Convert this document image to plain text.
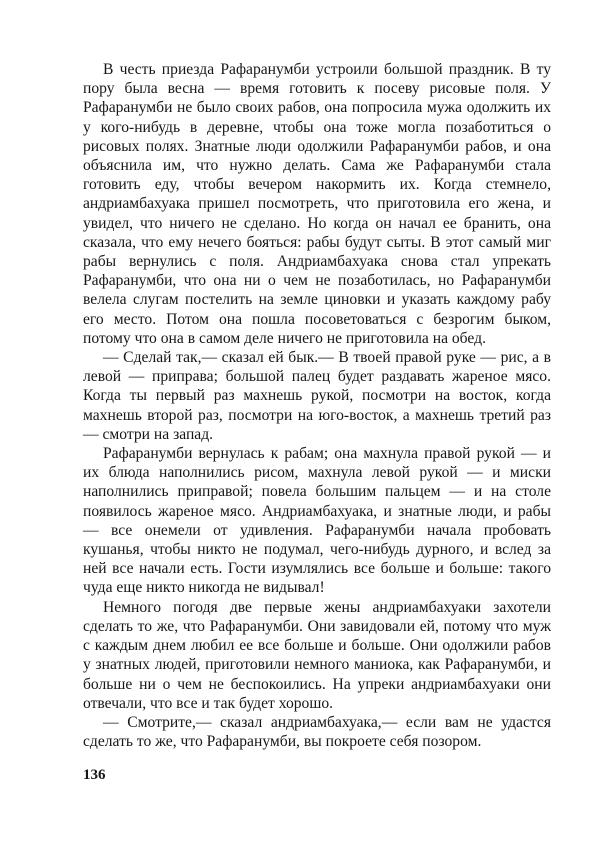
В честь приезда Рафаранумби устроили большой праздник. В ту пору была весна — время готовить к посеву рисовые поля. У Рафаранумби не было своих рабов, она попросила мужа одолжить их у кого-нибудь в деревне, чтобы она тоже могла позаботиться о рисовых полях. Знатные люди одолжили Рафаранумби рабов, и она объяснила им, что нужно делать. Сама же Рафаранумби стала готовить еду, чтобы вечером накормить их. Когда стемнело, андриамбахуака пришел посмотреть, что приготовила его жена, и увидел, что ничего не сделано. Но когда он начал ее бранить, она сказала, что ему нечего бояться: рабы будут сыты. В этот самый миг рабы вернулись с поля. Андриамбахуака снова стал упрекать Рафаранумби, что она ни о чем не позаботилась, но Рафаранумби велела слугам постелить на земле циновки и указать каждому рабу его место. Потом она пошла посоветоваться с безрогим быком, потому что она в самом деле ничего не приготовила на обед.

— Сделай так,— сказал ей бык.— В твоей правой руке — рис, а в левой — приправа; большой палец будет раздавать жареное мясо. Когда ты первый раз махнешь рукой, посмотри на восток, когда махнешь второй раз, посмотри на юго-восток, а махнешь третий раз — смотри на запад.

Рафаранумби вернулась к рабам; она махнула правой рукой — и их блюда наполнились рисом, махнула левой рукой — и миски наполнились приправой; повела большим пальцем — и на столе появилось жареное мясо. Андриамбахуака, и знатные люди, и рабы — все онемели от удивления. Рафаранумби начала пробовать кушанья, чтобы никто не подумал, чего-нибудь дурного, и вслед за ней все начали есть. Гости изумлялись все больше и больше: такого чуда еще никто никогда не видывал!

Немного погодя две первые жены андриамбахуаки захотели сделать то же, что Рафаранумби. Они завидовали ей, потому что муж с каждым днем любил ее все больше и больше. Они одолжили рабов у знатных людей, приготовили немного маниока, как Рафаранумби, и больше ни о чем не беспокоились. На упреки андриамбахуаки они отвечали, что все и так будет хорошо.

— Смотрите,— сказал андриамбахуака,— если вам не удастся сделать то же, что Рафаранумби, вы покроете себя позором.

136
